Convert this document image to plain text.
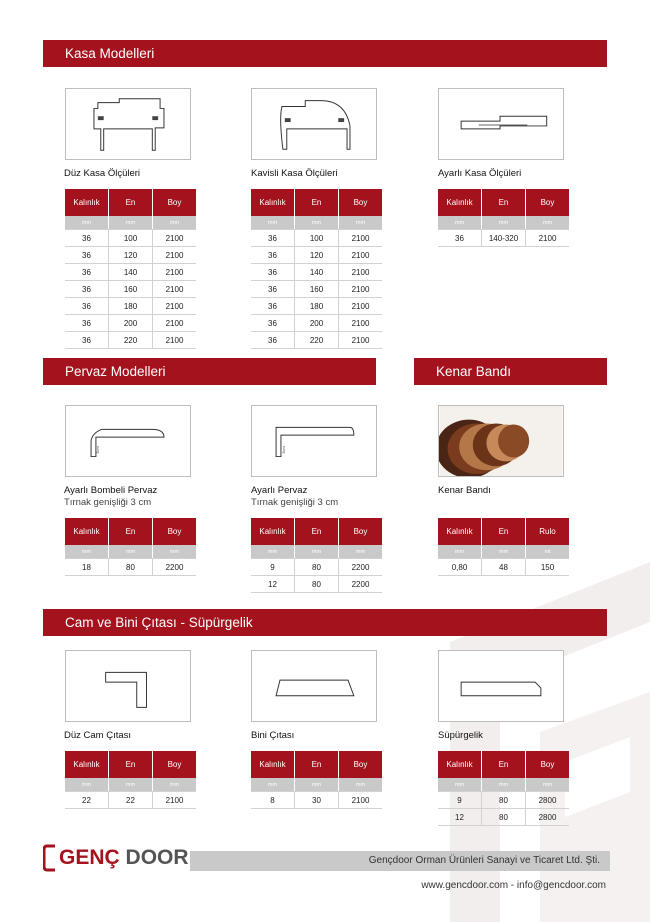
Kasa Modelleri
Pervaz Modelleri	Kenar Bandı
Cam ve Bini Çıtası - Süpürgelik
Düz Kasa Ölçüleri	Kavisli Kasa Ölçüleri	Ayarlı Kasa Ölçüleri
Kalınlık	En	Boy
mm	mm	mm
36	100	2100
36	120	2100
36	140	2100
36	160	2100
36	180	2100
36	200	2100
36	220	2100
Kalınlık	En	Boy
mm	mm	mm
36	100	2100
36	120	2100
36	140	2100
36	160	2100
36	180	2100
36	200	2100
36	220	2100
Kalınlık	En	Boy
mm	mm	mm
36	140-320	2100
3cm	3cm
Ayarlı Bombeli Pervaz
Tırnak genişliği 3 cm
Ayarlı Pervaz
Tırnak genişliği 3 cm
Kenar Bandı
Kalınlık	En	Boy
mm	mm	mm
18	80	2200
Kalınlık	En	Boy
mm	mm	mm
9	80	2200
12	80	2200
Kalınlık	En	Rulo
mm	mm	mt
0,80	48	150
Düz Cam Çıtası	Bini Çıtası	Süpürgelik
Kalınlık	En	Boy
mm	mm	mm
22	22	2100
Kalınlık	En	Boy
mm	mm	mm
8	30	2100
Kalınlık	En	Boy
mm	mm	mm
9	80	2800
12	80	2800
GENÇ DOOR	Gençdoor Orman Ürünleri Sanayi ve Ticaret Ltd. Şti.
www.gencdoor.com - info@gencdoor.com
